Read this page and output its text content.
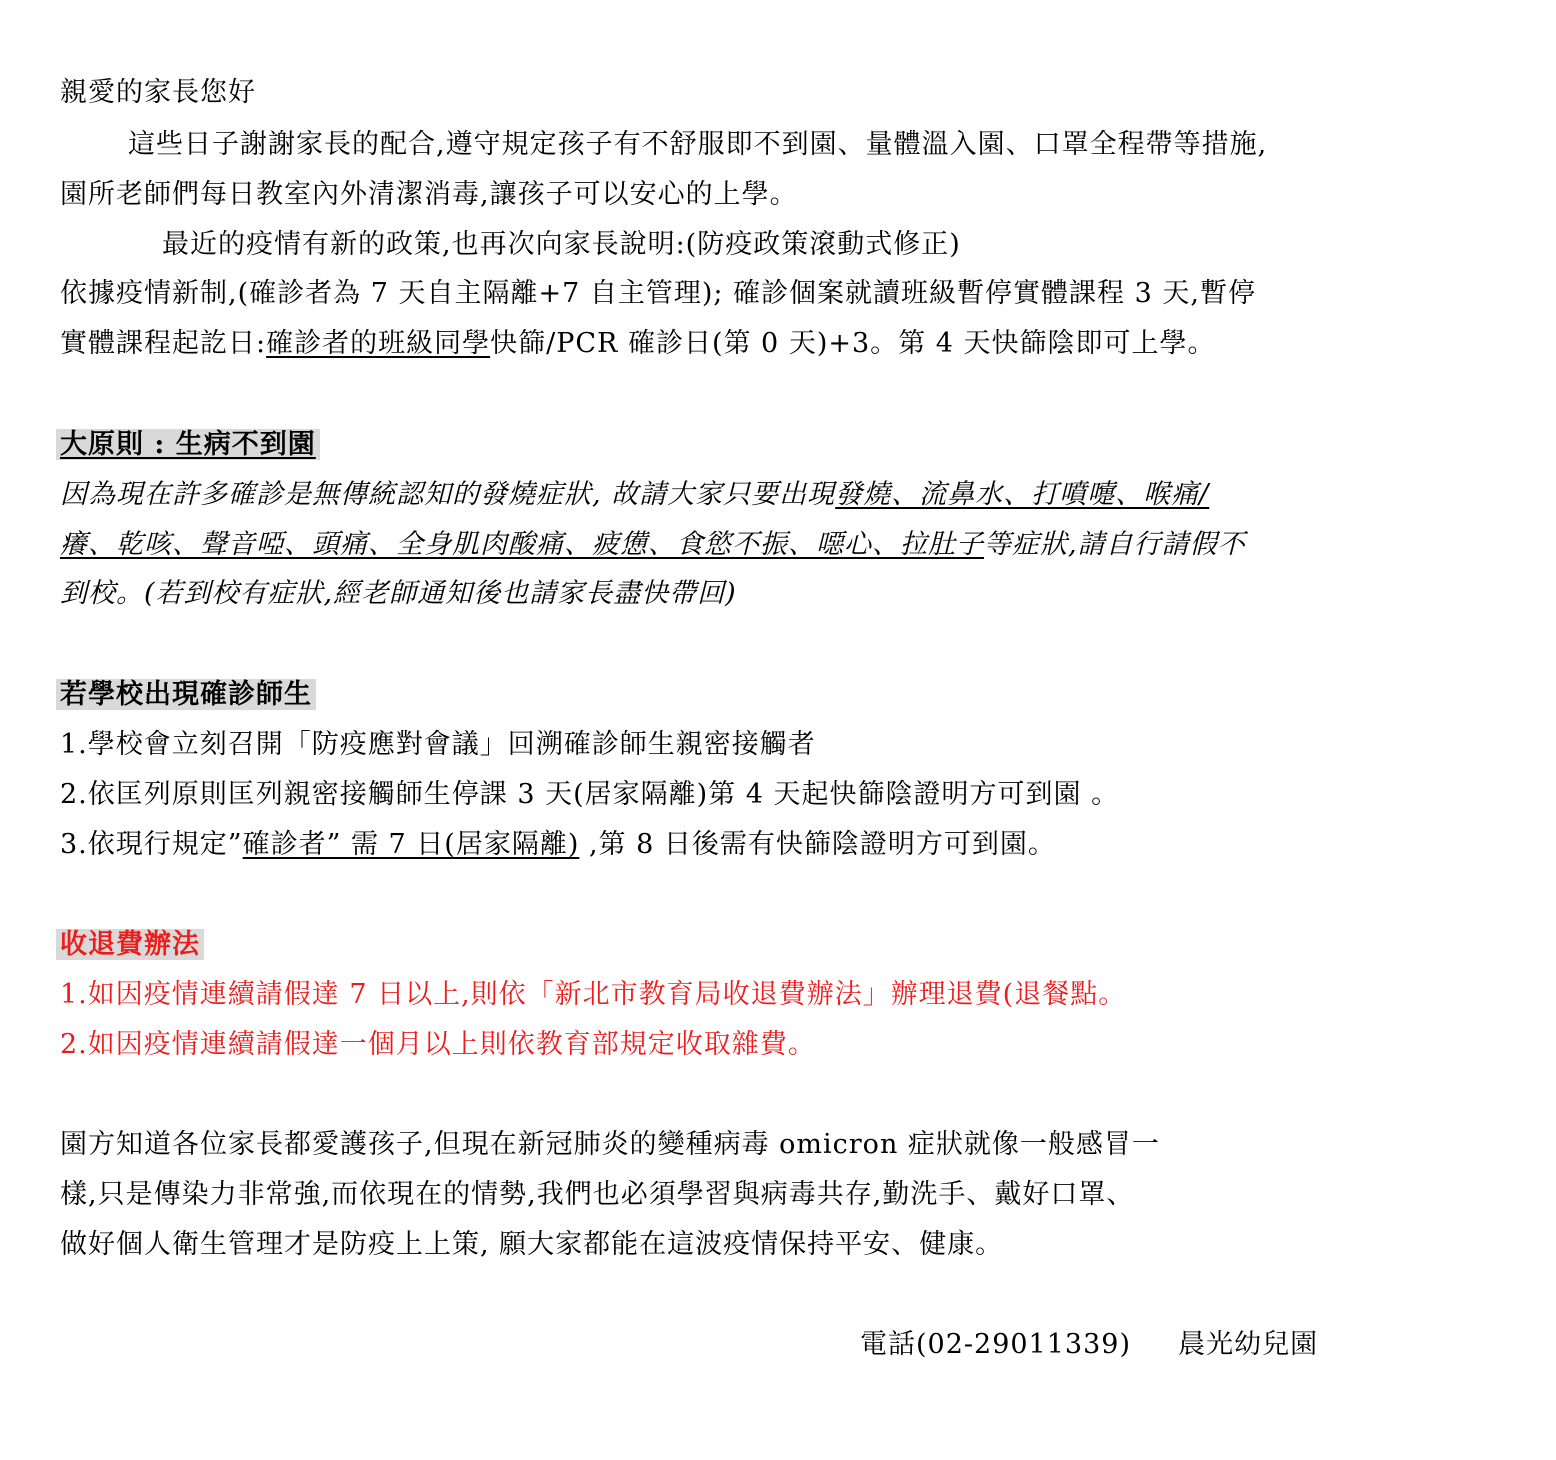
親愛的家長您好
這些日子謝謝家長的配合,遵守規定孩子有不舒服即不到園、量體溫入園、口罩全程帶等措施,
園所老師們每日教室內外清潔消毒,讓孩子可以安心的上學。
最近的疫情有新的政策,也再次向家長說明:(防疫政策滾動式修正)
依據疫情新制,(確診者為 7 天自主隔離+7 自主管理); 確診個案就讀班級暫停實體課程 3 天,暫停
實體課程起訖日:確診者的班級同學快篩/PCR 確診日(第 0 天)+3。第 4 天快篩陰即可上學。
大原則 : 生病不到園
因為現在許多確診是無傳統認知的發燒症狀, 故請大家只要出現發燒、流鼻水、打噴嚏、喉痛/
癢、乾咳、聲音啞、頭痛、全身肌肉酸痛、疲憊、食慾不振、噁心、拉肚子等症狀,請自行請假不
到校。(若到校有症狀,經老師通知後也請家長盡快帶回)
若學校出現確診師生
1.學校會立刻召開「防疫應對會議」回溯確診師生親密接觸者
2.依匡列原則匡列親密接觸師生停課 3 天(居家隔離)第 4 天起快篩陰證明方可到園 。
3.依現行規定”確診者” 需 7 日(居家隔離) ,第 8 日後需有快篩陰證明方可到園。
收退費辦法
1.如因疫情連續請假達 7 日以上,則依「新北市教育局收退費辦法」辦理退費(退餐點。
2.如因疫情連續請假達一個月以上則依教育部規定收取雜費。
園方知道各位家長都愛護孩子,但現在新冠肺炎的變種病毒 omicron 症狀就像一般感冒一
樣,只是傳染力非常強,而依現在的情勢,我們也必須學習與病毒共存,勤洗手、戴好口罩、
做好個人衛生管理才是防疫上上策, 願大家都能在這波疫情保持平安、健康。
電話(02-29011339) 晨光幼兒園
